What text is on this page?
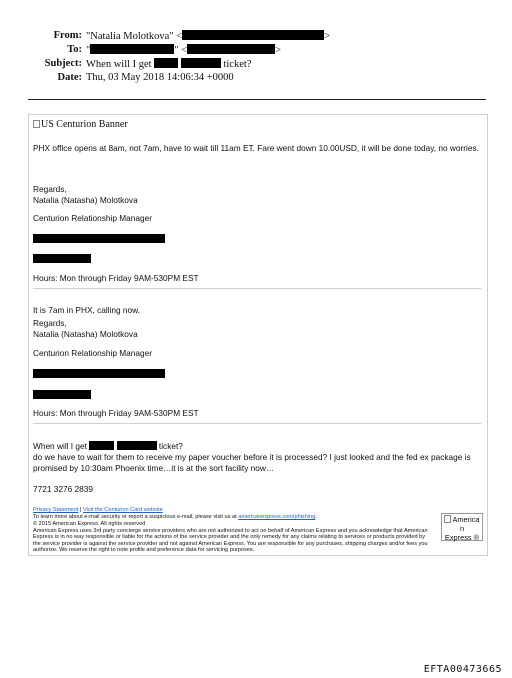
From: "Natalia Molotkova" <	>
To: "	" <	>
Subject: When will I get	ticket?
Date: Thu, 03 May 2018 14:06:34 +0000
US Centurion Banner
PHX office opens at 8am, not 7am, have to wait till 11am ET. Fare went down 10.00USD, it will be done today, no worries.
Regards,
Natalia (Natasha) Molotkova
Centurion Relationship Manager
Hours: Mon through Friday 9AM-530PM EST
It is 7am in PHX, calling now.
Regards,
Natalia (Natasha) Molotkova
Centurion Relationship Manager
Hours: Mon through Friday 9AM-530PM EST
When will I get	ticket?
do we have to wait for them to receive my paper voucher before it is processed? I just looked and the fed ex package is promised by 10:30am Phoenix time…it is at the sort facility now…
7721 3276 2839
Privacy Statement | Visit the Centurion Card website
To learn more about e-mail security or report a suspicious e-mail, please visit us at americanexpress.com/phishing.
© 2015 American Express. All rights reserved
American Express uses 3rd party concierge service providers who are not authorized to act on behalf of American Express and you acknowledge that American Express is in no way responsible or liable for the actions of the service provider and the only remedy for any claims relating to services or products provided by the service provider is against the service provider and not against American Express. You are responsible for any purchases, shipping charges and/or fees you authorize. We reserve the right to note profile and preference data for servicing purposes.
America
n
Express ®
EFTA00473665
